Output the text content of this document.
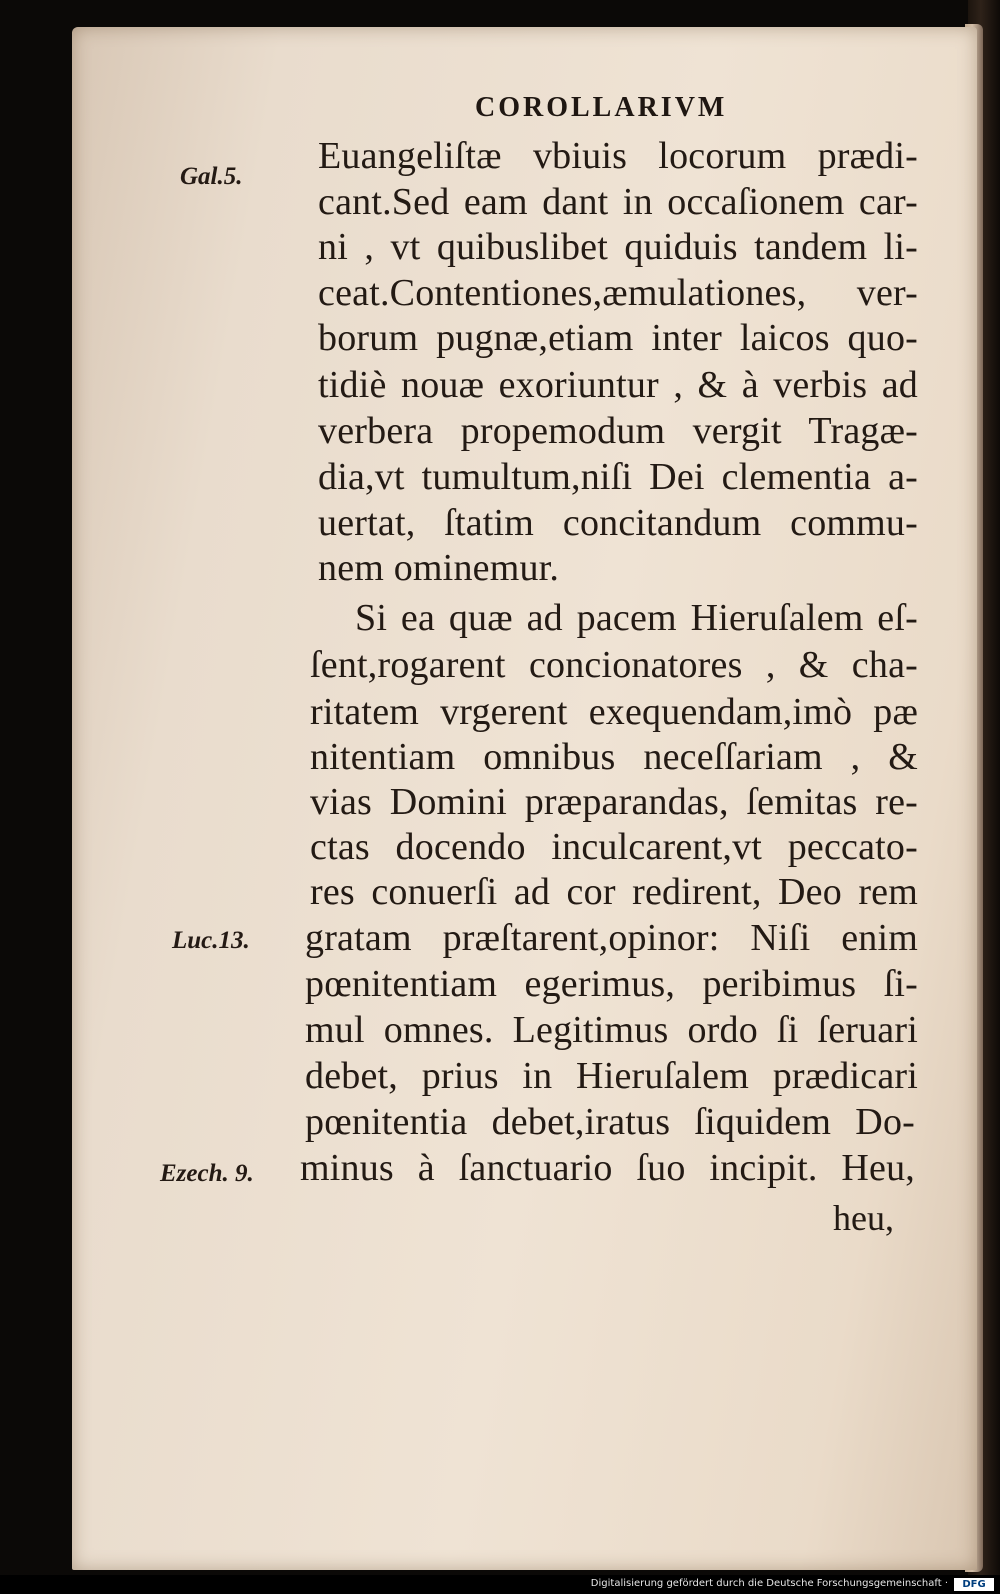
COROLLARIVM
Gal.5.
Luc.13.
Ezech. 9.
Euangeliſtæ vbiuis locorum prædi-
cant.Sed eam dant in occaſionem car-
ni , vt quibuslibet quiduis tandem li-
ceat.Contentiones,æmulationes, ver-
borum pugnæ,etiam inter laicos quo-
tidiè nouæ exoriuntur , & à verbis ad
verbera propemodum vergit Tragæ-
dia,vt tumultum,niſi Dei clementia a-
uertat, ſtatim concitandum commu-
nem ominemur.
Si ea quæ ad pacem Hieruſalem eſ-
ſent,rogarent concionatores , & cha-
ritatem vrgerent exequendam,imò pæ
nitentiam omnibus neceſſariam , &
vias Domini præparandas, ſemitas re-
ctas docendo inculcarent,vt peccato-
res conuerſi ad cor redirent, Deo rem
gratam præſtarent,opinor: Niſi enim
pœnitentiam egerimus, peribimus ſi-
mul omnes. Legitimus ordo ſi ſeruari
debet, prius in Hieruſalem prædicari
pœnitentia debet,iratus ſiquidem Do-
minus à ſanctuario ſuo incipit. Heu,
heu,
Digitalisierung gefördert durch die Deutsche Forschungsgemeinschaft ·	DFG
